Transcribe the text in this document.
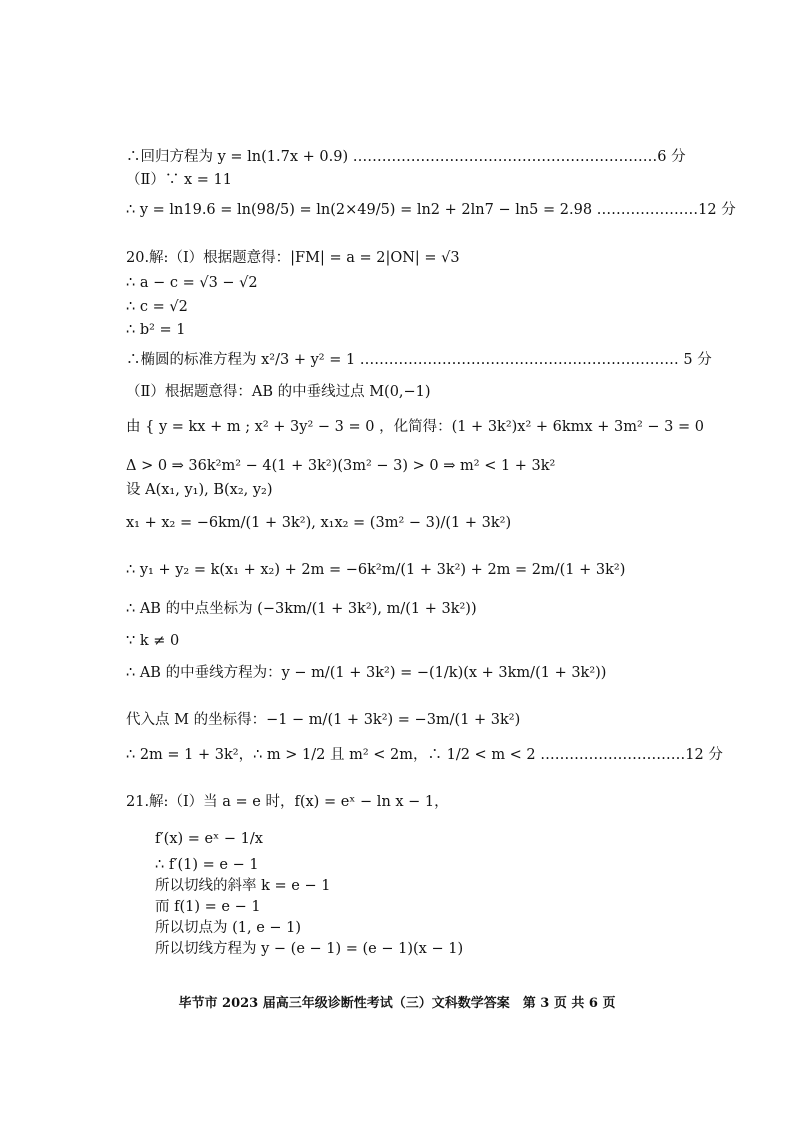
∴回归方程为 y = ln(1.7x + 0.9) ………………………………………………………6 分
（Ⅱ）∵ x = 11
∴ y = ln19.6 = ln(98/5) = ln(2×49/5) = ln2 + 2ln7 − ln5 = 2.98 …………………12 分
20.解:（Ⅰ）根据题意得：|FM| = a = 2|ON| = √3
∴ a − c = √3 − √2
∴ c = √2
∴ b² = 1
∴椭圆的标准方程为 x²/3 + y² = 1 ………………………………………………………… 5 分
（Ⅱ）根据题意得：AB 的中垂线过点 M(0,−1)
由 { y = kx + m ; x² + 3y² − 3 = 0 ，化简得：(1 + 3k²)x² + 6kmx + 3m² − 3 = 0
Δ > 0 ⇒ 36k²m² − 4(1 + 3k²)(3m² − 3) > 0 ⇒ m² < 1 + 3k²
设 A(x₁, y₁), B(x₂, y₂)
x₁ + x₂ = −6km/(1 + 3k²), x₁x₂ = (3m² − 3)/(1 + 3k²)
∴ y₁ + y₂ = k(x₁ + x₂) + 2m = −6k²m/(1 + 3k²) + 2m = 2m/(1 + 3k²)
∴ AB 的中点坐标为 (−3km/(1 + 3k²), m/(1 + 3k²))
∵ k ≠ 0
∴ AB 的中垂线方程为：y − m/(1 + 3k²) = −(1/k)(x + 3km/(1 + 3k²))
代入点 M 的坐标得：−1 − m/(1 + 3k²) = −3m/(1 + 3k²)
∴ 2m = 1 + 3k²，∴ m > 1/2 且 m² < 2m，∴ 1/2 < m < 2 …………………………12 分
21.解:（Ⅰ）当 a = e 时，f(x) = eˣ − ln x − 1，
f′(x) = eˣ − 1/x
∴ f′(1) = e − 1
所以切线的斜率 k = e − 1
而 f(1) = e − 1
所以切点为 (1, e − 1)
所以切线方程为 y − (e − 1) = (e − 1)(x − 1)
毕节市 2023 届高三年级诊断性考试（三）文科数学答案　第 3 页 共 6 页
